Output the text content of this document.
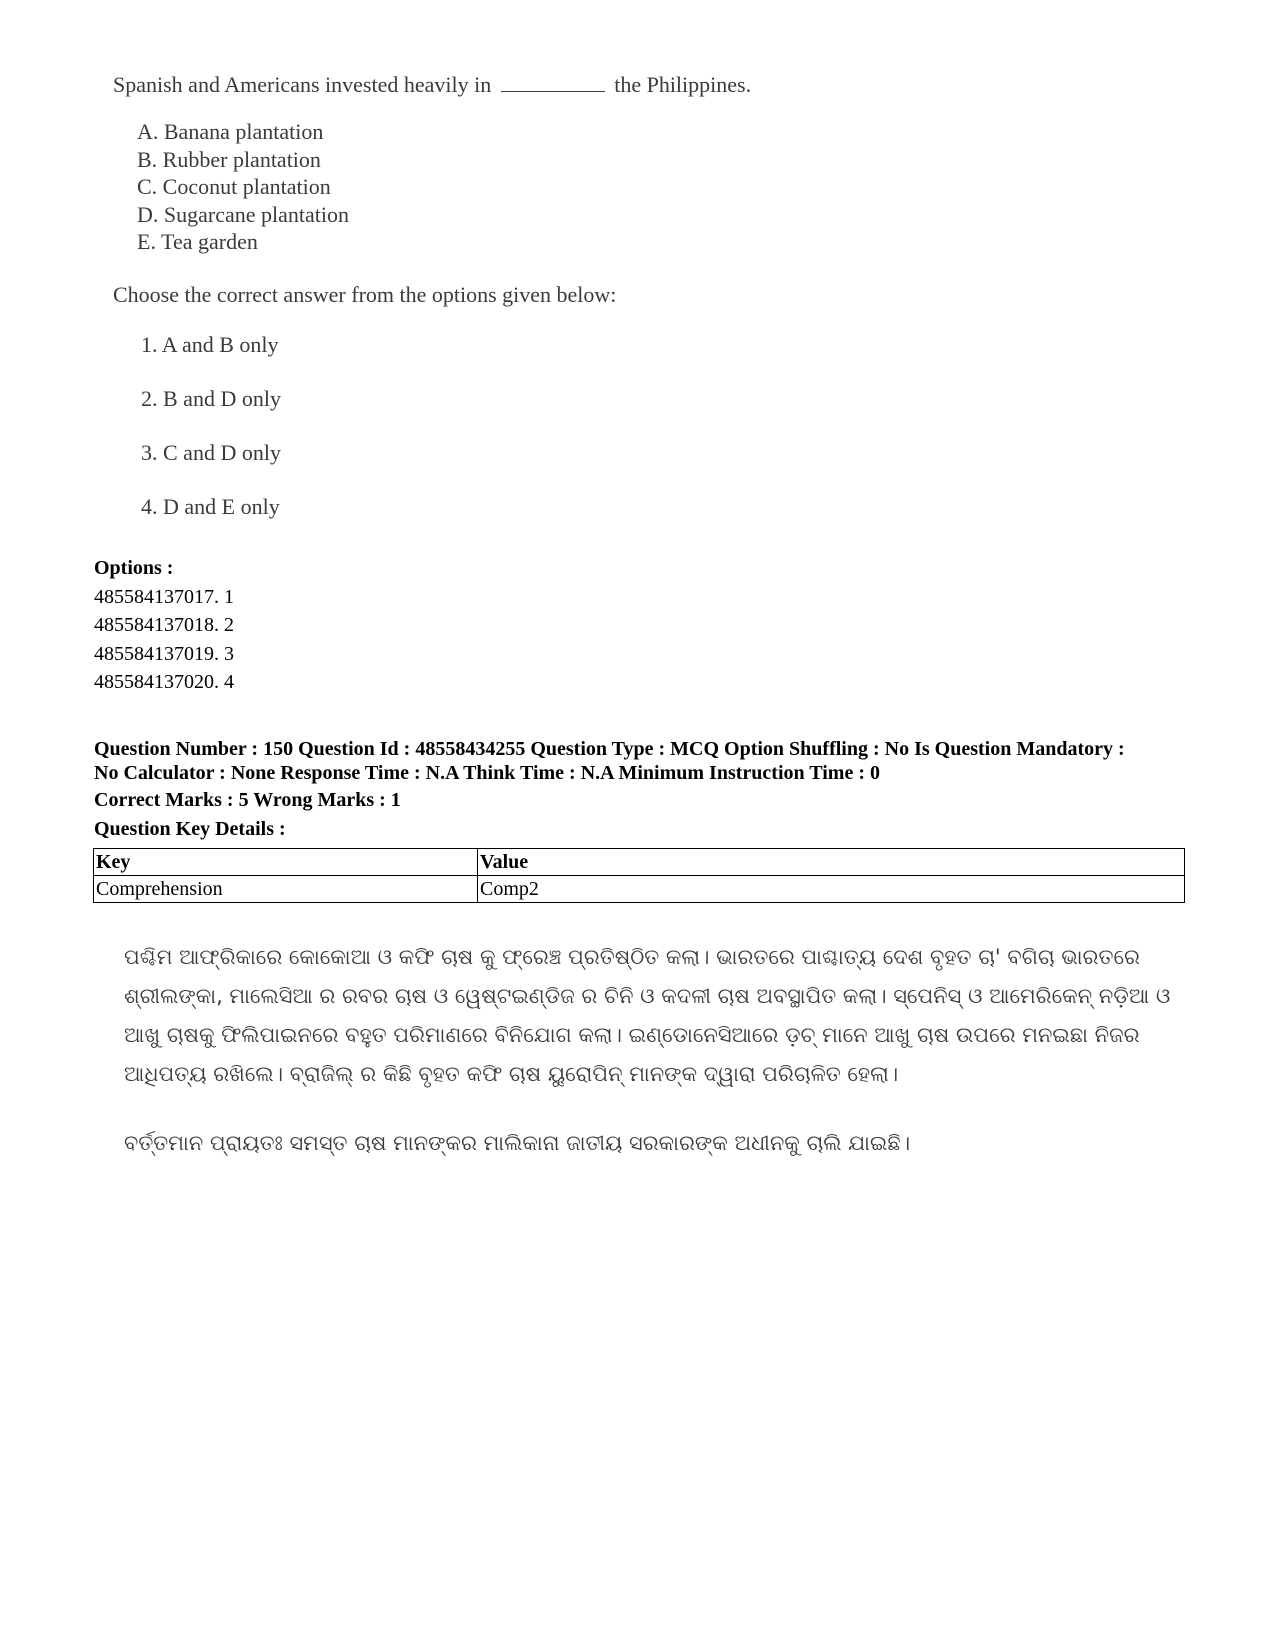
Spanish and Americans invested heavily in	the Philippines.
A. Banana plantation
B. Rubber plantation
C. Coconut plantation
D. Sugarcane plantation
E. Tea garden
Choose the correct answer from the options given below:
1. A and B only
2. B and D only
3. C and D only
4. D and E only
Options :
485584137017. 1
485584137018. 2
485584137019. 3
485584137020. 4
Question Number : 150 Question Id : 48558434255 Question Type : MCQ Option Shuffling : No Is Question Mandatory :
No Calculator : None Response Time : N.A Think Time : N.A Minimum Instruction Time : 0
Correct Marks : 5 Wrong Marks : 1
Question Key Details :
Key	Value
Comprehension	Comp2

ପଶ୍ଚିମ ଆଫ୍ରିକାରେ କୋକୋଆ ଓ କଫି ଚାଷ କୁ ଫ୍ରେଞ୍ଚ ପ୍ରତିଷ୍ଠିତ କଲା। ଭାରତରେ ପାଶ୍ଚାତ୍ୟ ଦେଶ ବୃହତ ଚା' ବଗିଚା ଭାରତରେ ଶ୍ରୀଲଙ୍କା, ମାଲେସିଆ ର ରବର ଚାଷ ଓ ୱେଷ୍ଟଇଣ୍ଡିଜ ର ଚିନି ଓ କଦଳୀ ଚାଷ ଅବସ୍ଥାପିତ କଲା। ସ୍ପେନିସ୍ ଓ ଆମେରିକେନ୍ ନଡ଼ିଆ ଓ ଆଖୁ ଚାଷକୁ ଫିଲିପାଇନରେ ବହୁତ ପରିମାଣରେ ବିନିଯୋଗ କଲା। ଇଣ୍ଡୋନେସିଆରେ ଡ଼ଚ୍ ମାନେ ଆଖୁ ଚାଷ ଉପରେ ମନଇଛା ନିଜର ଆଧିପତ୍ୟ ରଖିଲେ। ବ୍ରାଜିଲ୍ ର କିଛି ବୃହତ କଫି ଚାଷ ୟୁରୋପିନ୍ ମାନଙ୍କ ଦ୍ୱାରା ପରିଚାଳିତ ହେଲା।

ବର୍ତ୍ତମାନ ପ୍ରାୟତଃ ସମସ୍ତ ଚାଷ ମାନଙ୍କର ମାଲିକାନା ଜାତୀୟ ସରକାରଙ୍କ ଅଧୀନକୁ ଚାଲି ଯାଇଛି।
